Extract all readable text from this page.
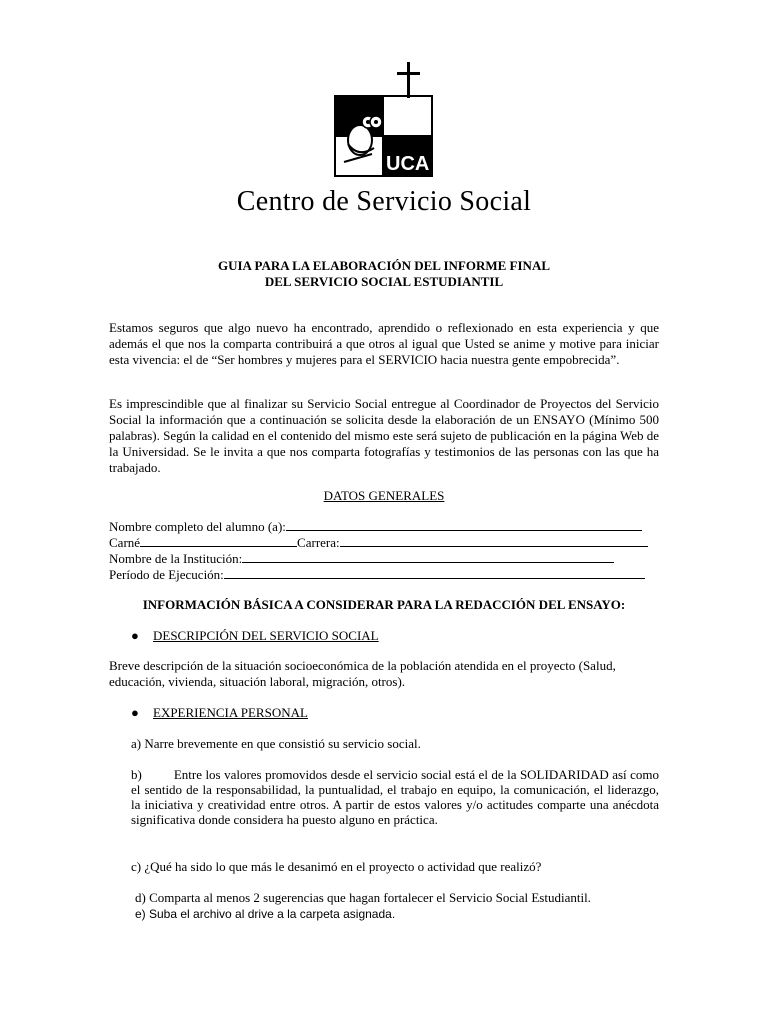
UCA
Centro de Servicio Social
GUIA PARA LA ELABORACIÓN DEL INFORME FINAL
DEL SERVICIO SOCIAL ESTUDIANTIL
Estamos seguros que algo nuevo ha encontrado, aprendido o reflexionado en esta experiencia y que además el que nos la comparta contribuirá a que otros al igual que Usted se anime y motive para iniciar esta vivencia: el de “Ser hombres y mujeres para el SERVICIO hacia nuestra gente empobrecida”.
Es imprescindible que al finalizar su Servicio Social entregue al Coordinador de Proyectos del Servicio Social la información que a continuación se solicita desde la elaboración de un ENSAYO (Mínimo 500 palabras). Según la calidad en el contenido del mismo este será sujeto de publicación en la página Web de la Universidad. Se le invita a que nos comparta fotografías y testimonios de las personas con las que ha trabajado.
DATOS GENERALES
Nombre completo del alumno (a):
Carné	Carrera:
Nombre de la Institución:
Período de Ejecución:
INFORMACIÓN BÁSICA A CONSIDERAR PARA LA REDACCIÓN DEL ENSAYO:
● DESCRIPCIÓN DEL SERVICIO SOCIAL
Breve descripción de la situación socioeconómica de la población atendida en el proyecto (Salud, educación, vivienda, situación laboral, migración, otros).
● EXPERIENCIA PERSONAL
a) Narre brevemente en que consistió su servicio social.
b) Entre los valores promovidos desde el servicio social está el de la SOLIDARIDAD así como el sentido de la responsabilidad, la puntualidad, el trabajo en equipo, la comunicación, el liderazgo, la iniciativa y creatividad entre otros. A partir de estos valores y/o actitudes comparte una anécdota significativa donde considera ha puesto alguno en práctica.
c) ¿Qué ha sido lo que más le desanimó en el proyecto o actividad que realizó?
d) Comparta al menos 2 sugerencias que hagan fortalecer el Servicio Social Estudiantil.
e) Suba el archivo al drive a la carpeta asignada.
